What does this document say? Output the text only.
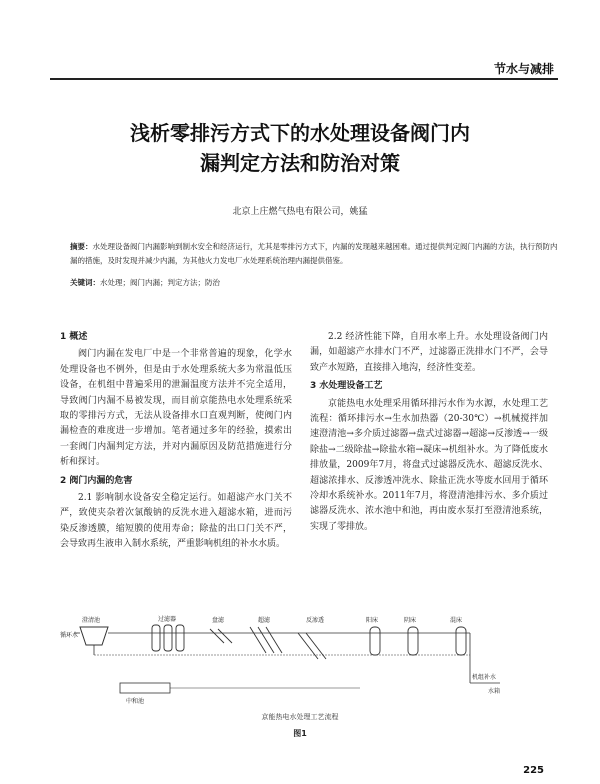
节水与减排
浅析零排污方式下的水处理设备阀门内
漏判定方法和防治对策
北京上庄燃气热电有限公司，姚猛
摘要：水处理设备阀门内漏影响到制水安全和经济运行，尤其是零排污方式下，内漏的发现越来越困难。通过提供判定阀门内漏的方法，执行预防内漏的措施，及时发现并减少内漏，为其他火力发电厂水处理系统治理内漏提供借鉴。
关键词：水处理；阀门内漏；判定方法；防治
1 概述

阀门内漏在发电厂中是一个非常普遍的现象，化学水处理设备也不例外，但是由于水处理系统大多为常温低压设备，在机组中普遍采用的泄漏温度方法并不完全适用，导致阀门内漏不易被发现，而目前京能热电水处理系统采取的零排污方式，无法从设备排水口直观判断，使阀门内漏检查的难度进一步增加。笔者通过多年的经验，摸索出一套阀门内漏判定方法，并对内漏原因及防范措施进行分析和探讨。

2 阀门内漏的危害

2.1 影响制水设备安全稳定运行。如超滤产水门关不严，致使夹杂着次氯酸钠的反洗水进入超滤水箱，进而污染反渗透膜，缩短膜的使用寿命；除盐的出口门关不严，会导致再生液串入制水系统，严重影响机组的补水水质。

2.2 经济性能下降，自用水率上升。水处理设备阀门内漏，如超滤产水排水门不严，过滤器正洗排水门不严，会导致产水短路，直接排入地沟，经济性变差。

3 水处理设备工艺

京能热电水处理采用循环排污水作为水源，水处理工艺流程：循环排污水→生水加热器（20-30℃）→机械搅拌加速澄清池→多介质过滤器→盘式过滤器→超滤→反渗透→一级除盐→二级除盐→除盐水箱→凝床→机组补水。为了降低废水排放量，2009年7月，将盘式过滤器反洗水、超滤反洗水、超滤浓排水、反渗透冲洗水、除盐正洗水等废水回用于循环冷却水系统补水。2011年7月，将澄清池排污水、多介质过滤器反洗水、浓水池中和池，再由废水泵打至澄清池系统，实现了零排放。

澄清池
循环水
过滤器	盘滤	超滤	反渗透	阳床	阴床	混床
机组补水
水箱
中和池
京能热电水处理工艺流程
图1
225
